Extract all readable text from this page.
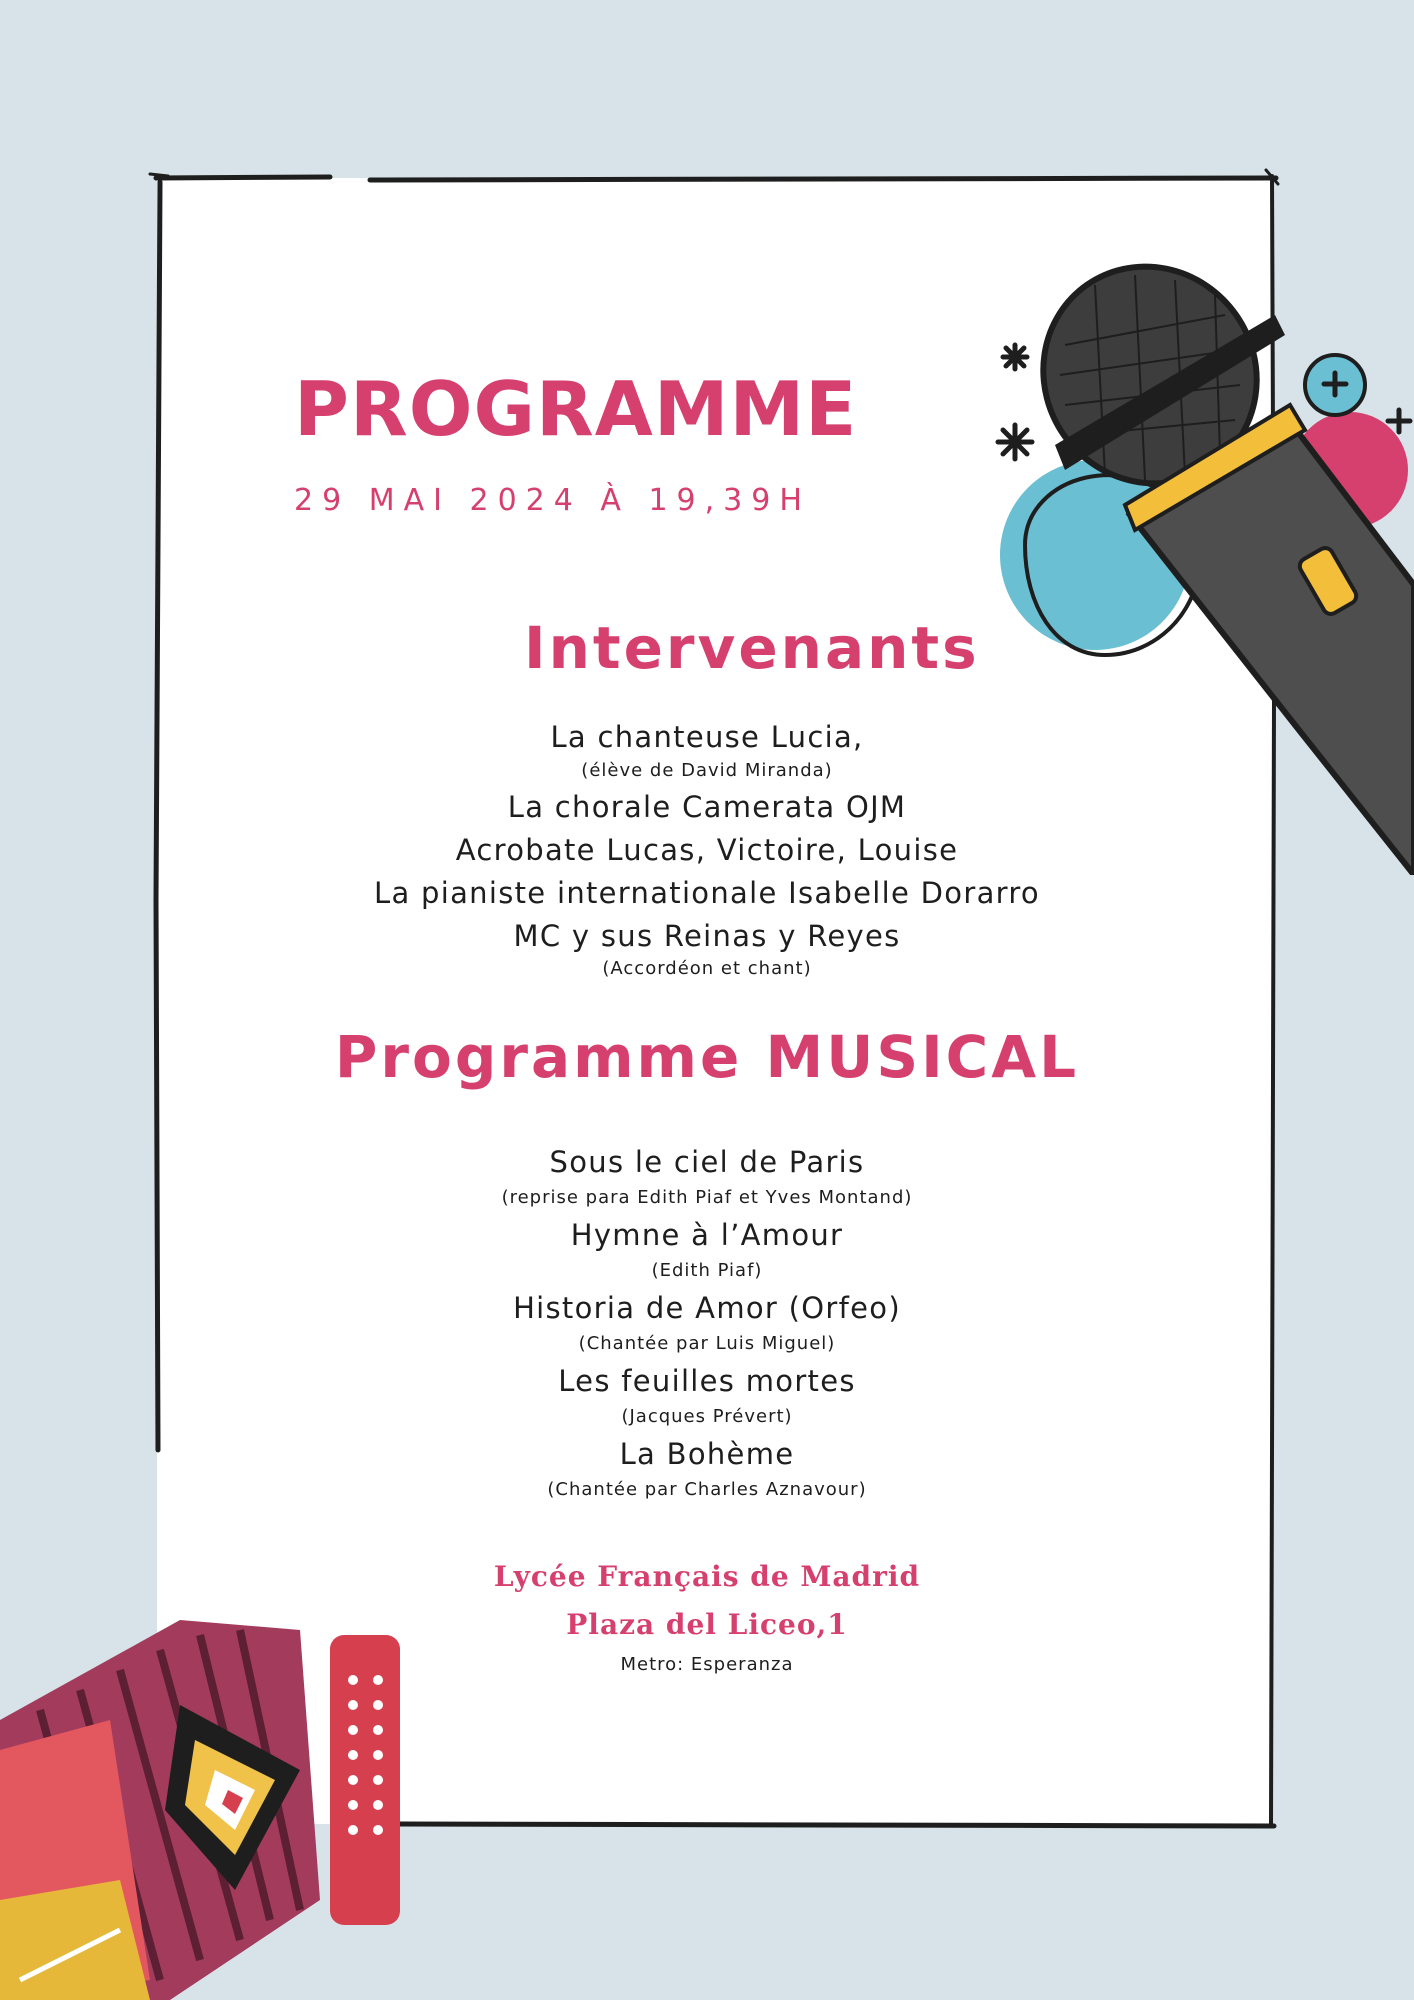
PROGRAMME
29 MAI 2024 À 19,39H
Intervenants
La chanteuse Lucia,
(élève de David Miranda)
La chorale Camerata OJM
Acrobate Lucas, Victoire, Louise
La pianiste internationale Isabelle Dorarro
MC y sus Reinas y Reyes
(Accordéon et chant)
Programme MUSICAL
Sous le ciel de Paris
(reprise para Edith Piaf et Yves Montand)
Hymne à l’Amour
(Edith Piaf)
Historia de Amor (Orfeo)
(Chantée par Luis Miguel)
Les feuilles mortes
(Jacques Prévert)
La Bohème
(Chantée par Charles Aznavour)
Lycée Français de Madrid
Plaza del Liceo,1
Metro: Esperanza
